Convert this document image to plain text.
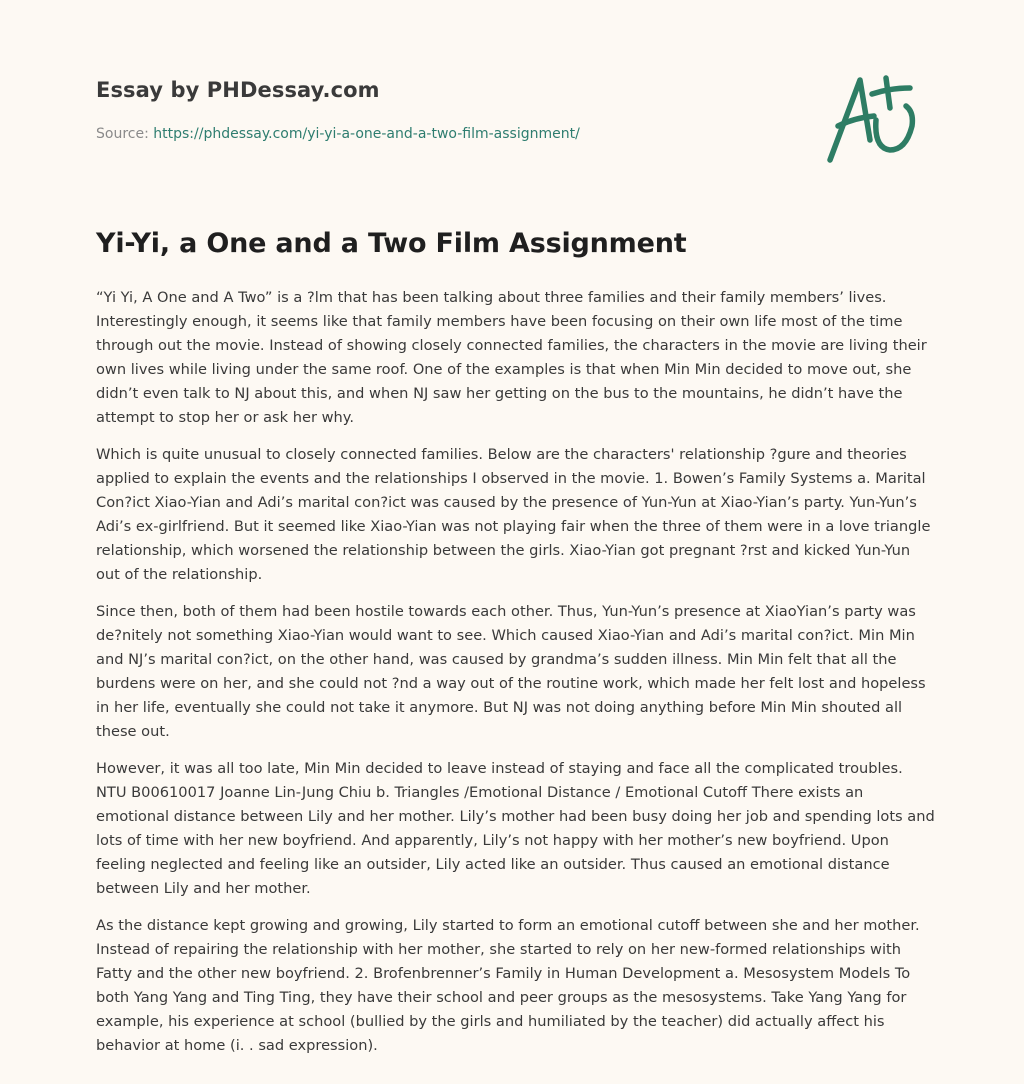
Essay by PHDessay.com
Source: https://phdessay.com/yi-yi-a-one-and-a-two-film-assignment/
Yi-Yi, a One and a Two Film Assignment

“Yi Yi, A One and A Two” is a ?lm that has been talking about three families and their family members’ lives. Interestingly enough, it seems like that family members have been focusing on their own life most of the time through out the movie. Instead of showing closely connected families, the characters in the movie are living their own lives while living under the same roof. One of the examples is that when Min Min decided to move out, she didn’t even talk to NJ about this, and when NJ saw her getting on the bus to the mountains, he didn’t have the attempt to stop her or ask her why.

Which is quite unusual to closely connected families. Below are the characters' relationship ?gure and theories applied to explain the events and the relationships I observed in the movie. 1. Bowen’s Family Systems a. Marital Con?ict Xiao-Yian and Adi’s marital con?ict was caused by the presence of Yun-Yun at Xiao-Yian’s party. Yun-Yun’s Adi’s ex-girlfriend. But it seemed like Xiao-Yian was not playing fair when the three of them were in a love triangle relationship, which worsened the relationship between the girls. Xiao-Yian got pregnant ?rst and kicked Yun-Yun out of the relationship.

Since then, both of them had been hostile towards each other. Thus, Yun-Yun’s presence at XiaoYian’s party was de?nitely not something Xiao-Yian would want to see. Which caused Xiao-Yian and Adi’s marital con?ict. Min Min and NJ’s marital con?ict, on the other hand, was caused by grandma’s sudden illness. Min Min felt that all the burdens were on her, and she could not ?nd a way out of the routine work, which made her felt lost and hopeless in her life, eventually she could not take it anymore. But NJ was not doing anything before Min Min shouted all these out.

However, it was all too late, Min Min decided to leave instead of staying and face all the complicated troubles. NTU B00610017 Joanne Lin-Jung Chiu b. Triangles /Emotional Distance / Emotional Cutoff There exists an emotional distance between Lily and her mother. Lily’s mother had been busy doing her job and spending lots and lots of time with her new boyfriend. And apparently, Lily’s not happy with her mother’s new boyfriend. Upon feeling neglected and feeling like an outsider, Lily acted like an outsider. Thus caused an emotional distance between Lily and her mother.

As the distance kept growing and growing, Lily started to form an emotional cutoff between she and her mother. Instead of repairing the relationship with her mother, she started to rely on her new-formed relationships with Fatty and the other new boyfriend. 2. Brofenbrenner’s Family in Human Development a. Mesosystem Models To both Yang Yang and Ting Ting, they have their school and peer groups as the mesosystems. Take Yang Yang for example, his experience at school (bullied by the girls and humiliated by the teacher) did actually affect his behavior at home (i. . sad expression).
